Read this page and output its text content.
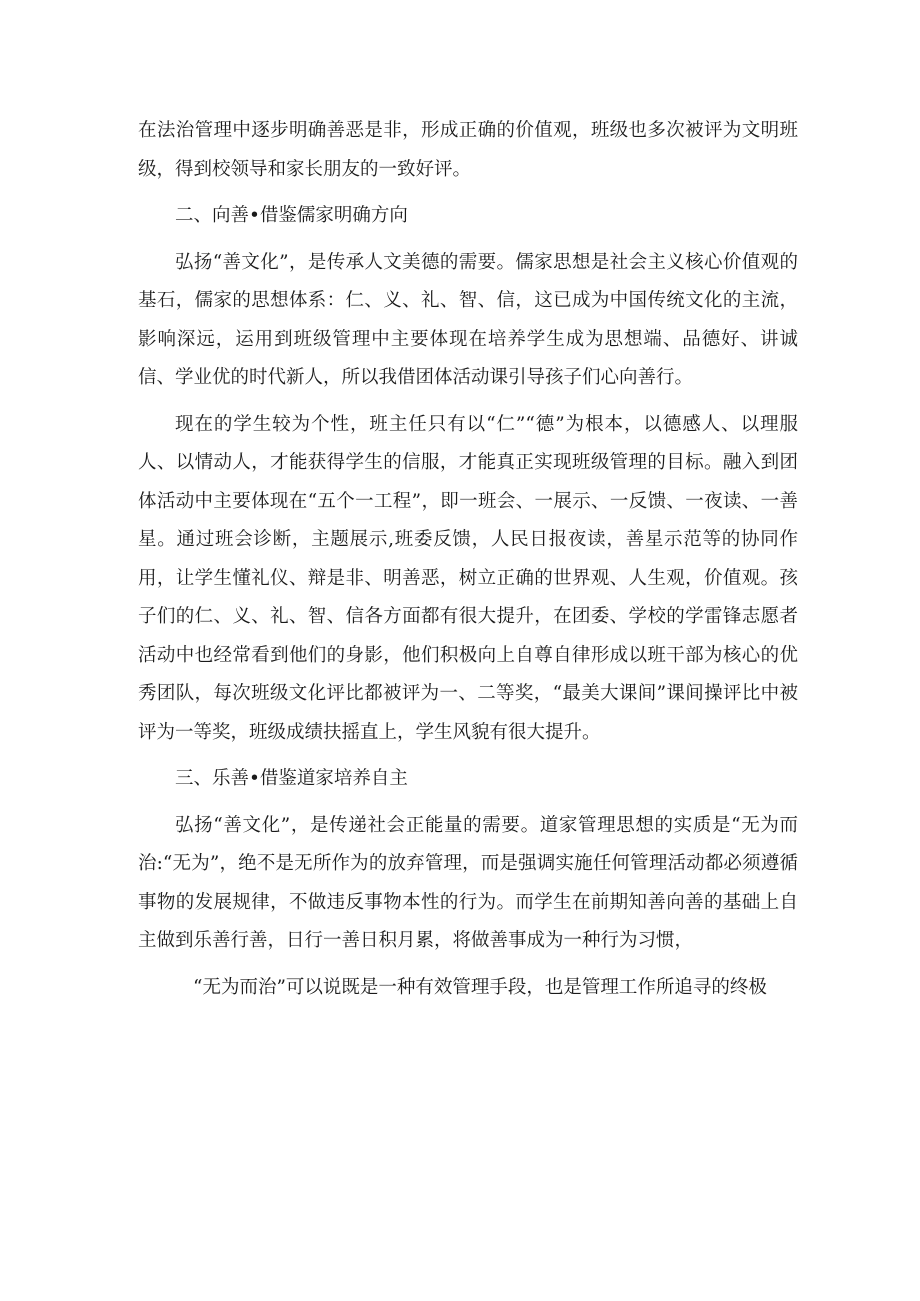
在法治管理中逐步明确善恶是非，形成正确的价值观，班级也多次被评为文明班级，得到校领导和家长朋友的一致好评。

二、向善•借鉴儒家明确方向

弘扬“善文化”，是传承人文美德的需要。儒家思想是社会主义核心价值观的基石，儒家的思想体系：仁、义、礼、智、信，这已成为中国传统文化的主流，影响深远，运用到班级管理中主要体现在培养学生成为思想端、品德好、讲诚信、学业优的时代新人，所以我借团体活动课引导孩子们心向善行。

现在的学生较为个性，班主任只有以“仁”“德”为根本，以德感人、以理服人、以情动人，才能获得学生的信服，才能真正实现班级管理的目标。融入到团体活动中主要体现在“五个一工程”，即一班会、一展示、一反馈、一夜读、一善星。通过班会诊断，主题展示,班委反馈，人民日报夜读，善星示范等的协同作用，让学生懂礼仪、辩是非、明善恶，树立正确的世界观、人生观，价值观。孩子们的仁、义、礼、智、信各方面都有很大提升，在团委、学校的学雷锋志愿者活动中也经常看到他们的身影，他们积极向上自尊自律形成以班干部为核心的优秀团队，每次班级文化评比都被评为一、二等奖，“最美大课间”课间操评比中被评为一等奖，班级成绩扶摇直上，学生风貌有很大提升。

三、乐善•借鉴道家培养自主

弘扬“善文化”，是传递社会正能量的需要。道家管理思想的实质是“无为而治:“无为”，绝不是无所作为的放弃管理，而是强调实施任何管理活动都必须遵循事物的发展规律，不做违反事物本性的行为。而学生在前期知善向善的基础上自主做到乐善行善，日行一善日积月累，将做善事成为一种行为习惯，

“无为而治”可以说既是一种有效管理手段，也是管理工作所追寻的终极
